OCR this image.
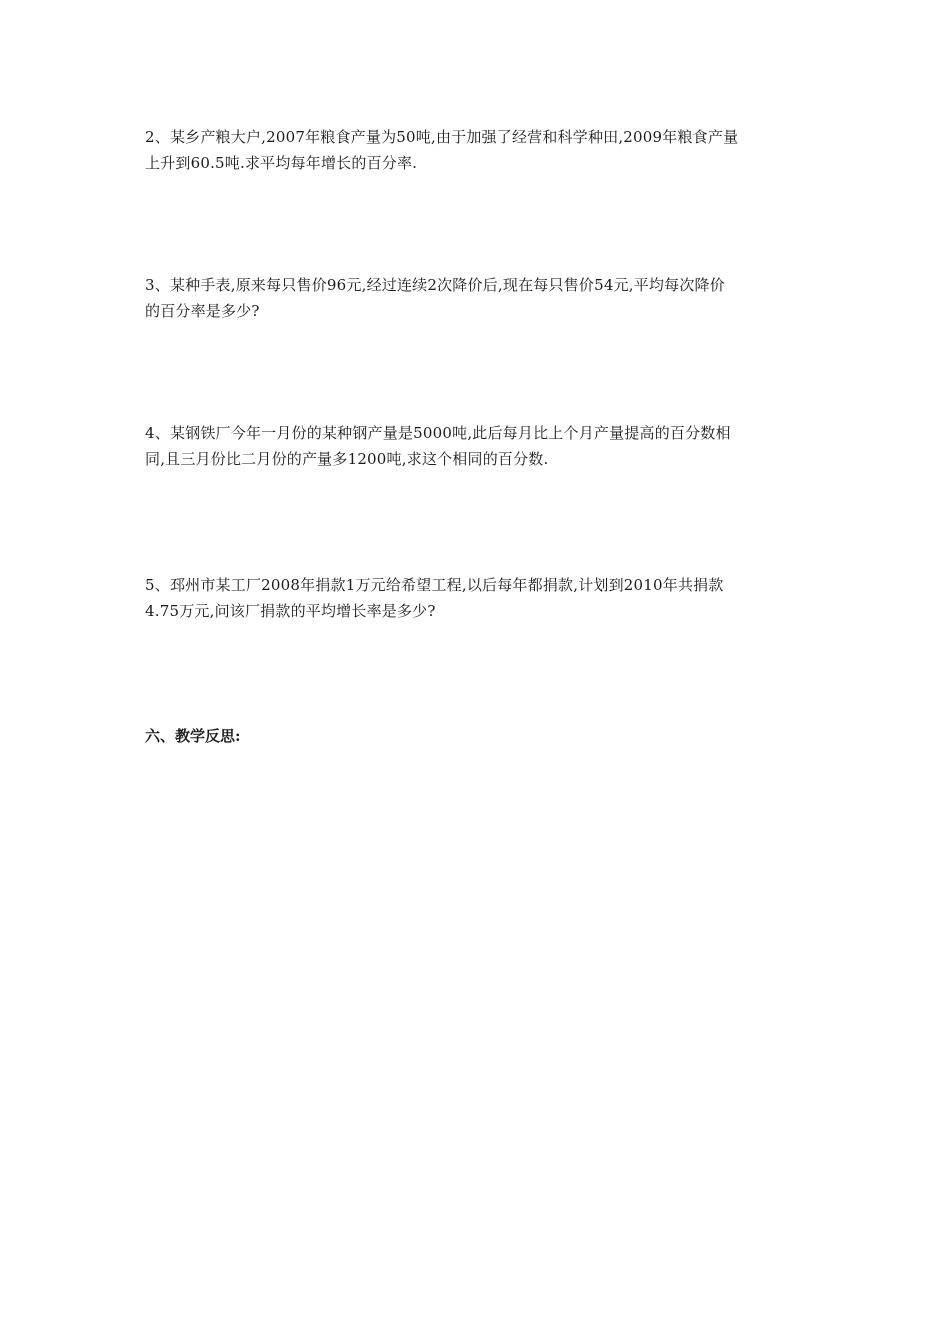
2、某乡产粮大户,2007年粮食产量为50吨,由于加强了经营和科学种田,2009年粮食产量

上升到60.5吨.求平均每年增长的百分率.

3、某种手表,原来每只售价96元,经过连续2次降价后,现在每只售价54元,平均每次降价

的百分率是多少?

4、某钢铁厂今年一月份的某种钢产量是5000吨,此后每月比上个月产量提高的百分数相

同,且三月份比二月份的产量多1200吨,求这个相同的百分数.

5、邳州市某工厂2008年捐款1万元给希望工程,以后每年都捐款,计划到2010年共捐款

4.75万元,问该厂捐款的平均增长率是多少?

六、教学反思:
